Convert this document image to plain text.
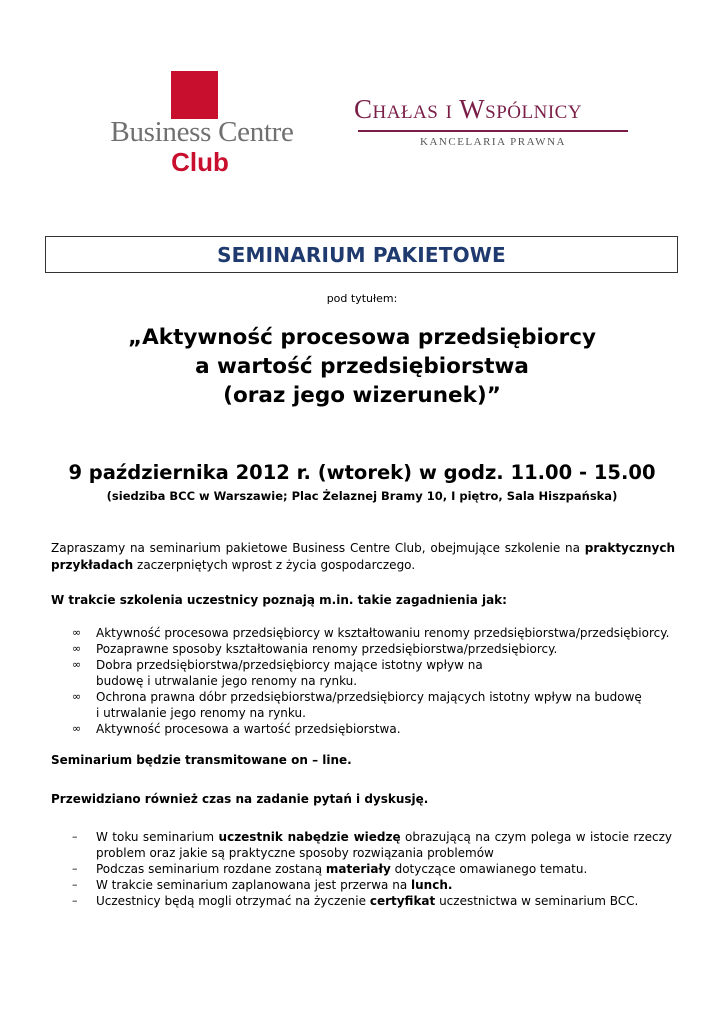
Business Centre
Club
Chałas i Wspólnicy
KANCELARIA PRAWNA
SEMINARIUM PAKIETOWE
pod tytułem:
„Aktywność procesowa przedsiębiorcy
a wartość przedsiębiorstwa
(oraz jego wizerunek)”
9 października 2012 r. (wtorek) w godz. 11.00 - 15.00
(siedziba BCC w Warszawie; Plac Żelaznej Bramy 10, I piętro, Sala Hiszpańska)
Zapraszamy na seminarium pakietowe Business Centre Club, obejmujące szkolenie na praktycznych przykładach zaczerpniętych wprost z życia gospodarczego.
W trakcie szkolenia uczestnicy poznają m.in. takie zagadnienia jak:
∞	Aktywność procesowa przedsiębiorcy w kształtowaniu renomy przedsiębiorstwa/przedsiębiorcy.
∞	Pozaprawne sposoby kształtowania renomy przedsiębiorstwa/przedsiębiorcy.
∞	Dobra przedsiębiorstwa/przedsiębiorcy mające istotny wpływ na budowę i utrwalanie jego renomy na rynku.
∞	Ochrona prawna dóbr przedsiębiorstwa/przedsiębiorcy mających istotny wpływ na budowę i utrwalanie jego renomy na rynku.
∞	Aktywność procesowa a wartość przedsiębiorstwa.
Seminarium będzie transmitowane on – line.
Przewidziano również czas na zadanie pytań i dyskusję.
–	W toku seminarium uczestnik nabędzie wiedzę obrazującą na czym polega w istocie rzeczy problem oraz jakie są praktyczne sposoby rozwiązania problemów
–	Podczas seminarium rozdane zostaną materiały dotyczące omawianego tematu.
–	W trakcie seminarium zaplanowana jest przerwa na lunch.
–	Uczestnicy będą mogli otrzymać na życzenie certyfikat uczestnictwa w seminarium BCC.
